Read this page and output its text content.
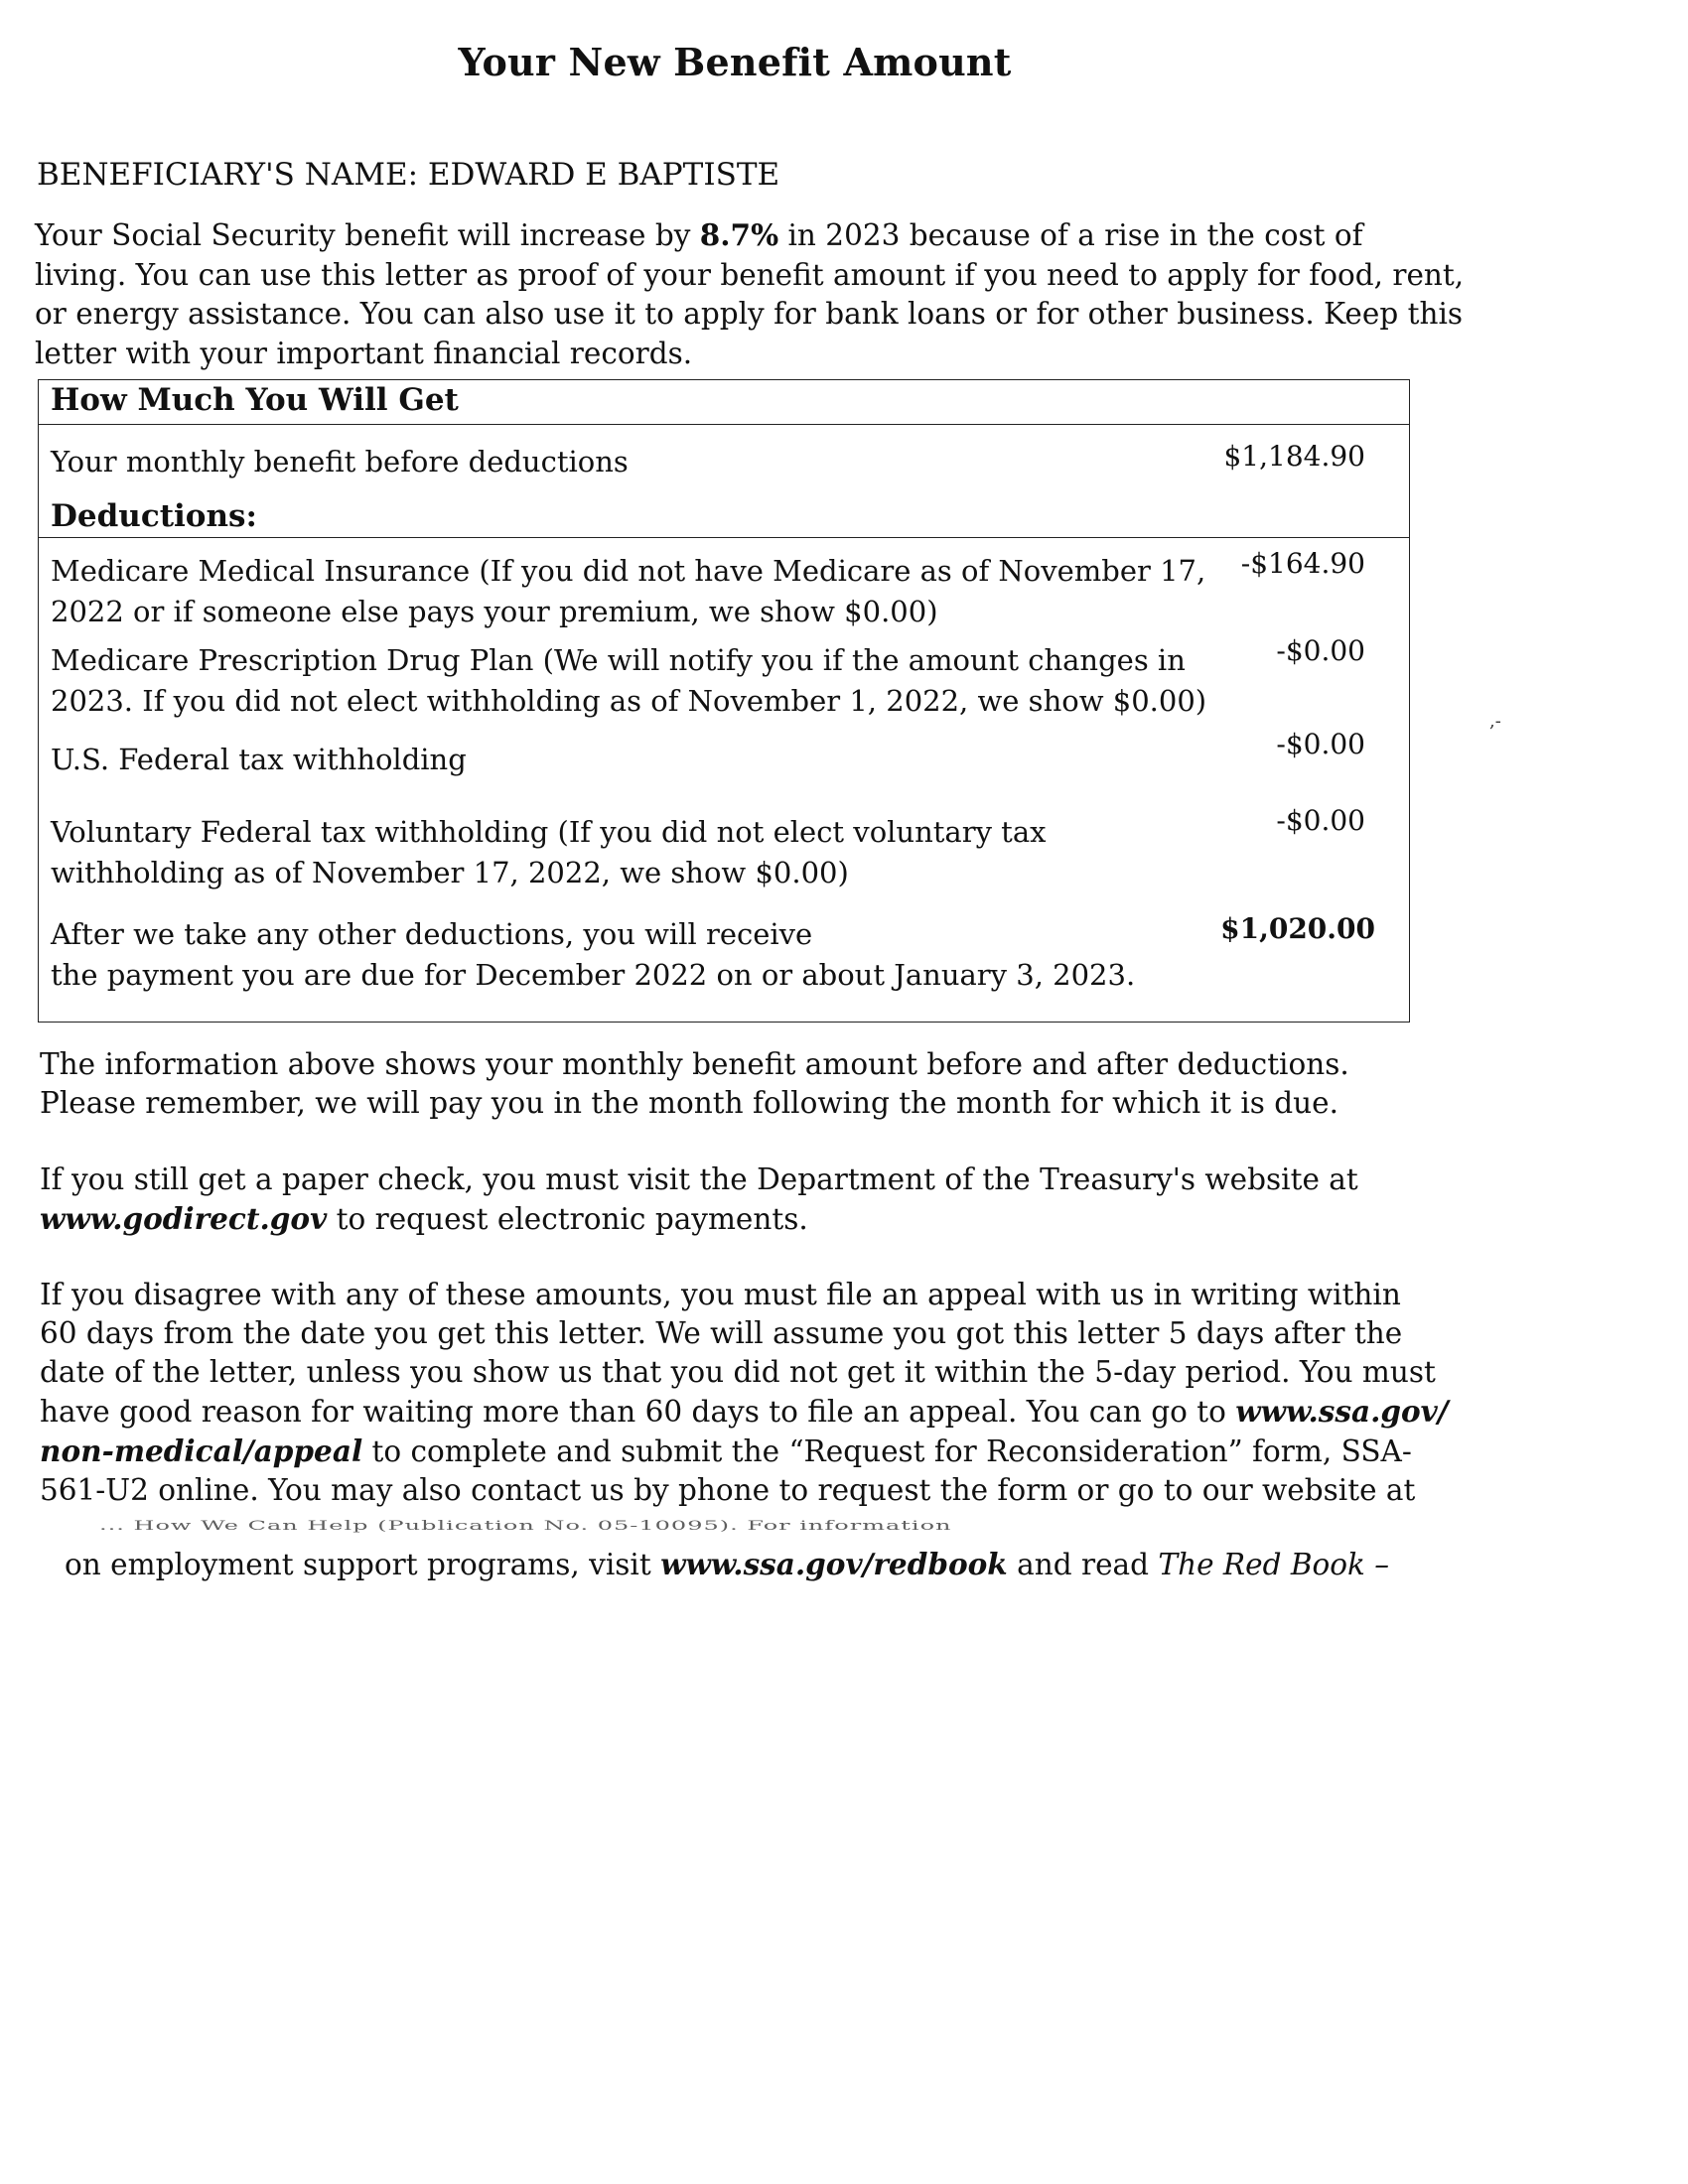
Your New Benefit Amount
BENEFICIARY'S NAME: EDWARD E BAPTISTE
Your Social Security benefit will increase by 8.7% in 2023 because of a rise in the cost of
living. You can use this letter as proof of your benefit amount if you need to apply for food, rent,
or energy assistance. You can also use it to apply for bank loans or for other business. Keep this
letter with your important financial records.
How Much You Will Get
Your monthly benefit before deductions	$1,184.90
Deductions:
Medicare Medical Insurance (If you did not have Medicare as of November 17,
2022 or if someone else pays your premium, we show $0.00)
-$164.90
Medicare Prescription Drug Plan (We will notify you if the amount changes in
2023. If you did not elect withholding as of November 1, 2022, we show $0.00)
-$0.00
U.S. Federal tax withholding	-$0.00
Voluntary Federal tax withholding (If you did not elect voluntary tax
withholding as of November 17, 2022, we show $0.00)
-$0.00
After we take any other deductions, you will receive
the payment you are due for December 2022 on or about January 3, 2023.
$1,020.00
,-
The information above shows your monthly benefit amount before and after deductions.
Please remember, we will pay you in the month following the month for which it is due.
If you still get a paper check, you must visit the Department of the Treasury's website at
www.godirect.gov to request electronic payments.
If you disagree with any of these amounts, you must file an appeal with us in writing within
60 days from the date you get this letter. We will assume you got this letter 5 days after the
date of the letter, unless you show us that you did not get it within the 5-day period. You must
have good reason for waiting more than 60 days to file an appeal. You can go to www.ssa.gov/
non-medical/appeal to complete and submit the “Request for Reconsideration” form, SSA-
561-U2 online. You may also contact us by phone to request the form or go to our website at
... How We Can Help (Publication No. 05-10095). For information
on employment support programs, visit www.ssa.gov/redbook and read The Red Book –
